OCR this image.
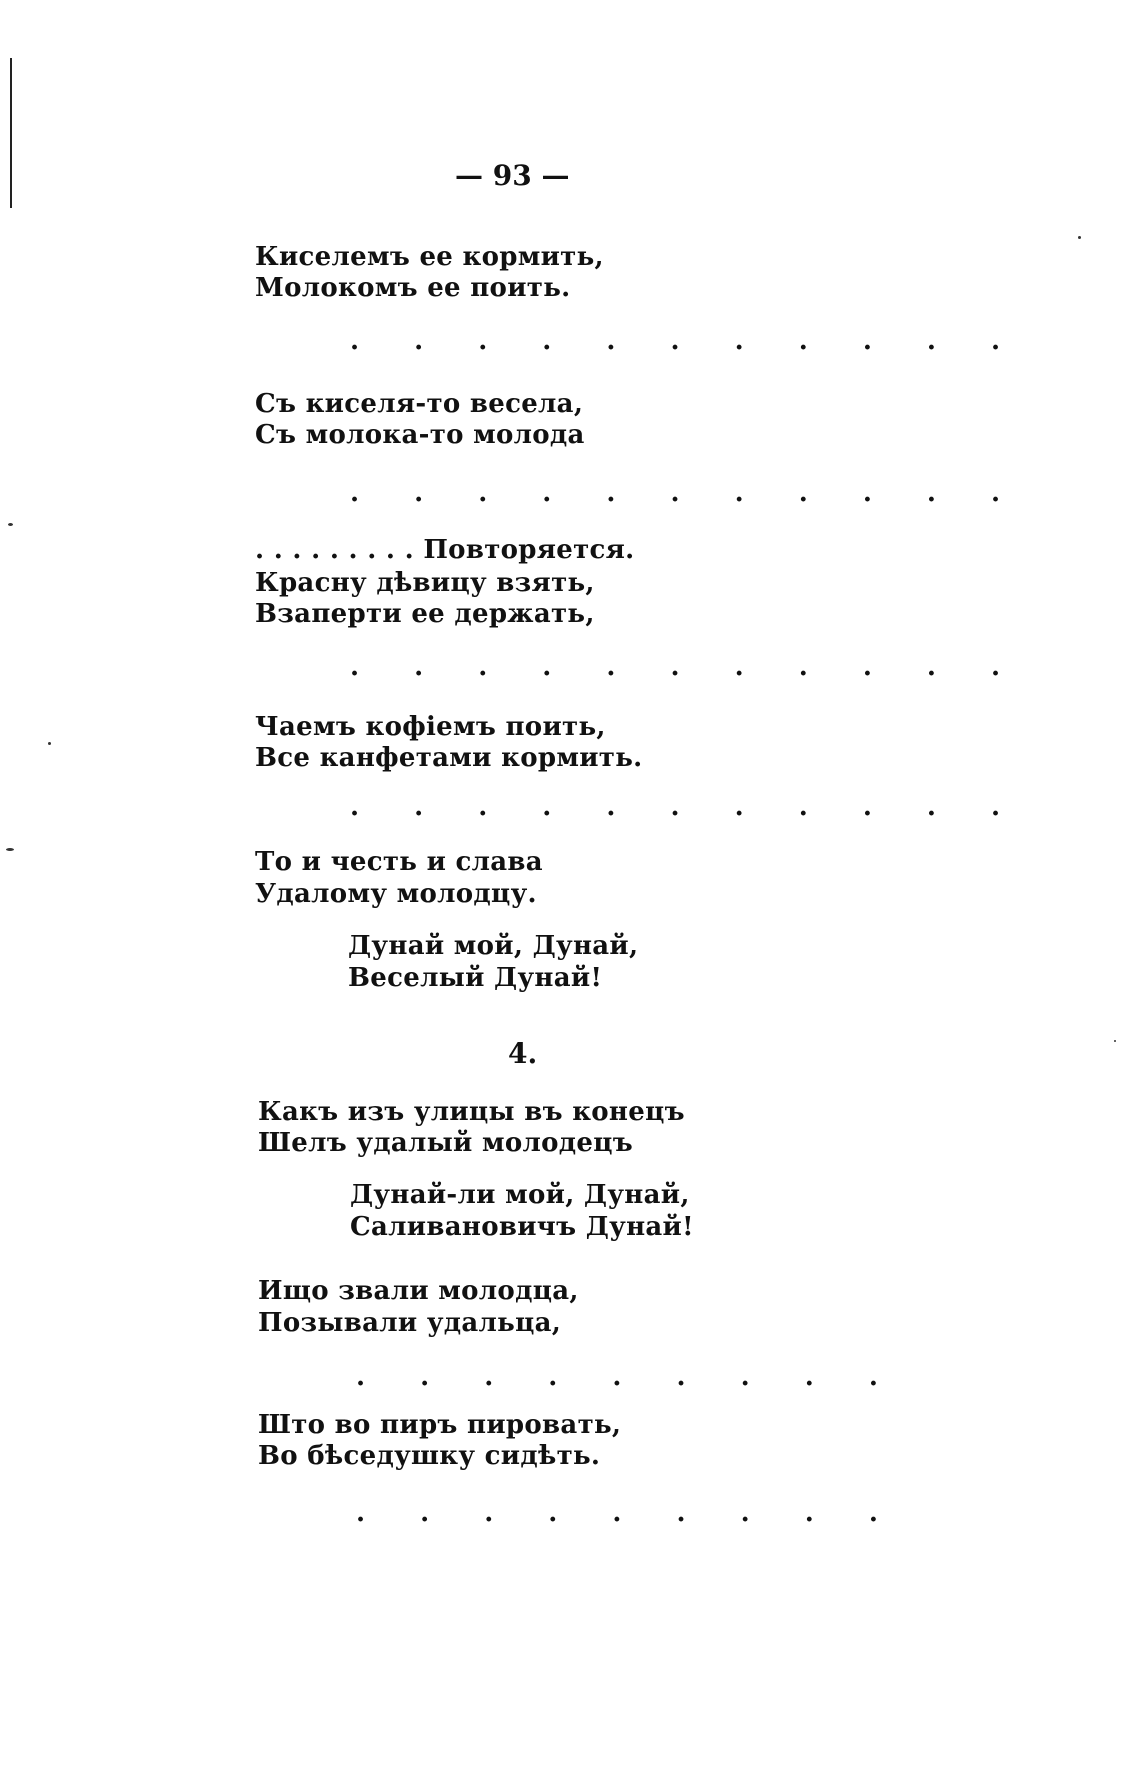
— 93 —
Киселемъ ее кормить,
Молокомъ ее поить.
. . . . . . . . . . .
Съ киселя-то весела,
Съ молока-то молода
. . . . . . . . . . .
. . . . . . . . . Повторяется.
Красну дѣвицу взять,
Взаперти ее держать,
. . . . . . . . . . .
Чаемъ кофіемъ поить,
Все канфетами кормить.
. . . . . . . . . . .
То и честь и слава
Удалому молодцу.
Дунай мой, Дунай,
Веселый Дунай!
4.
Какъ изъ улицы въ конецъ
Шелъ удалый молодецъ
Дунай-ли мой, Дунай,
Саливановичъ Дунай!
Ищо звали молодца,
Позывали удальца,
. . . . . . . . .
Што во пиръ пировать,
Во бѣседушку сидѣть.
. . . . . . . . .
